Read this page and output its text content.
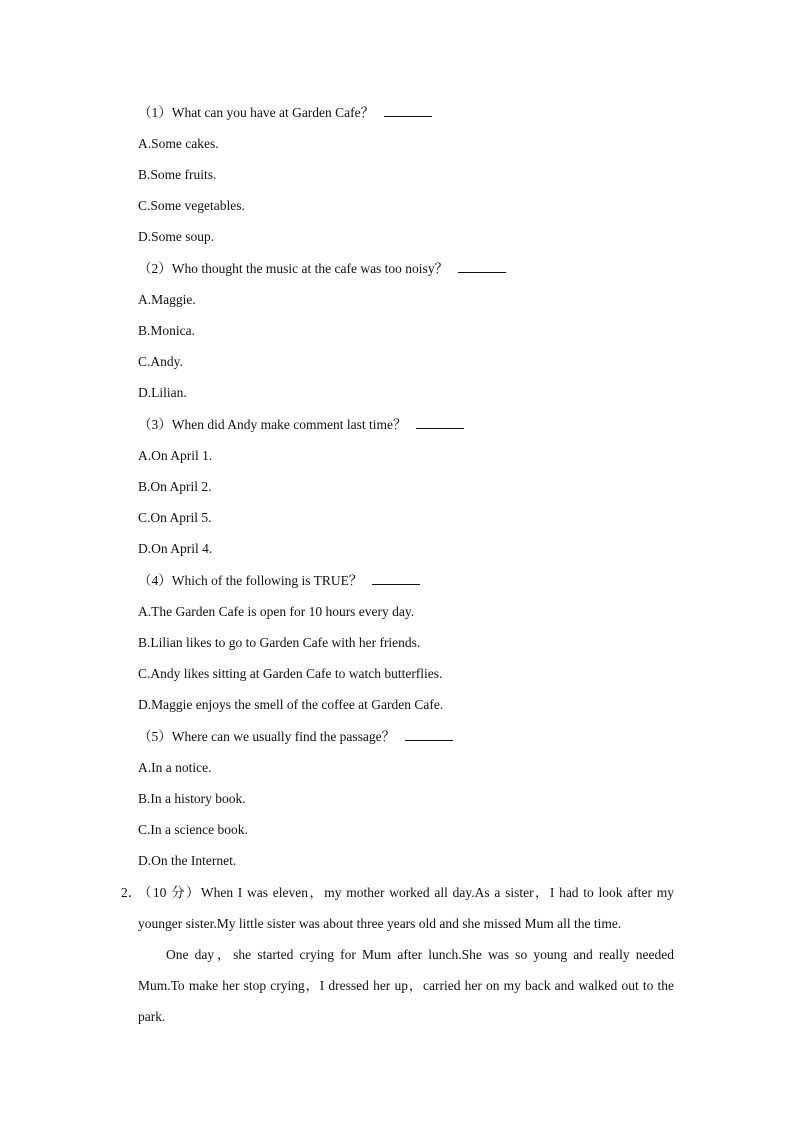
（1）What can you have at Garden Cafe？
A.Some cakes.
B.Some fruits.
C.Some vegetables.
D.Some soup.
（2）Who thought the music at the cafe was too noisy？
A.Maggie.
B.Monica.
C.Andy.
D.Lilian.
（3）When did Andy make comment last time？
A.On April 1.
B.On April 2.
C.On April 5.
D.On April 4.
（4）Which of the following is TRUE？
A.The Garden Cafe is open for 10 hours every day.
B.Lilian likes to go to Garden Cafe with her friends.
C.Andy likes sitting at Garden Cafe to watch butterflies.
D.Maggie enjoys the smell of the coffee at Garden Cafe.
（5）Where can we usually find the passage？
A.In a notice.
B.In a history book.
C.In a science book.
D.On the Internet.
2．
（10 分）When I was eleven，my mother worked all day.As a sister，I had to look after my younger sister.My little sister was about three years old and she missed Mum all the time.
One day，she started crying for Mum after lunch.She was so young and really needed Mum.To make her stop crying，I dressed her up，carried her on my back and walked out to the park.
